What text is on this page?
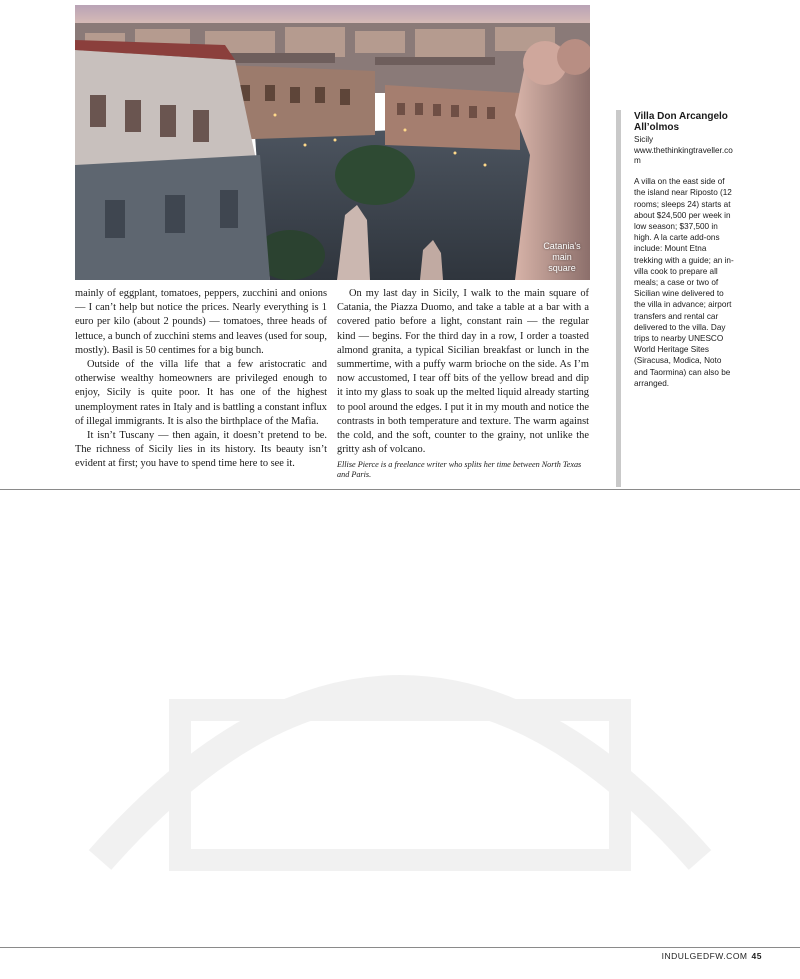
Catania’s main square

mainly of eggplant, tomatoes, peppers, zucchini and onions — I can’t help but notice the prices. Nearly everything is 1 euro per kilo (about 2 pounds) — tomatoes, three heads of lettuce, a bunch of zucchini stems and leaves (used for soup, mostly). Basil is 50 centimes for a big bunch.

Outside of the villa life that a few aristocratic and otherwise wealthy homeowners are privileged enough to enjoy, Sicily is quite poor. It has one of the highest unemployment rates in Italy and is battling a constant influx of illegal immigrants. It is also the birthplace of the Mafia.

It isn’t Tuscany — then again, it doesn’t pretend to be. The richness of Sicily lies in its history. Its beauty isn’t evident at first; you have to spend time here to see it.

On my last day in Sicily, I walk to the main square of Catania, the Piazza Duomo, and take a table at a bar with a covered patio before a light, constant rain — the regular kind — begins. For the third day in a row, I order a toasted almond granita, a typical Sicilian breakfast or lunch in the summertime, with a puffy warm brioche on the side. As I’m now accustomed, I tear off bits of the yellow bread and dip it into my glass to soak up the melted liquid already starting to pool around the edges. I put it in my mouth and notice the contrasts in both temperature and texture. The warm against the cold, and the soft, counter to the grainy, not unlike the gritty ash of volcano.

Ellise Pierce is a freelance writer who splits her time between North Texas and Paris.

Villa Don Arcangelo All’olmos

Sicily

www.thethinkingtraveller.com

A villa on the east side of the island near Riposto (12 rooms; sleeps 24) starts at about $24,500 per week in low season; $37,500 in high. A la carte add-ons include: Mount Etna trekking with a guide; an in-villa cook to prepare all meals; a case or two of Sicilian wine delivered to the villa in advance; airport transfers and rental car delivered to the villa. Day trips to nearby UNESCO World Heritage Sites (Siracusa, Modica, Noto and Taormina) can also be arranged.

INDULGEDFW.COM 45
